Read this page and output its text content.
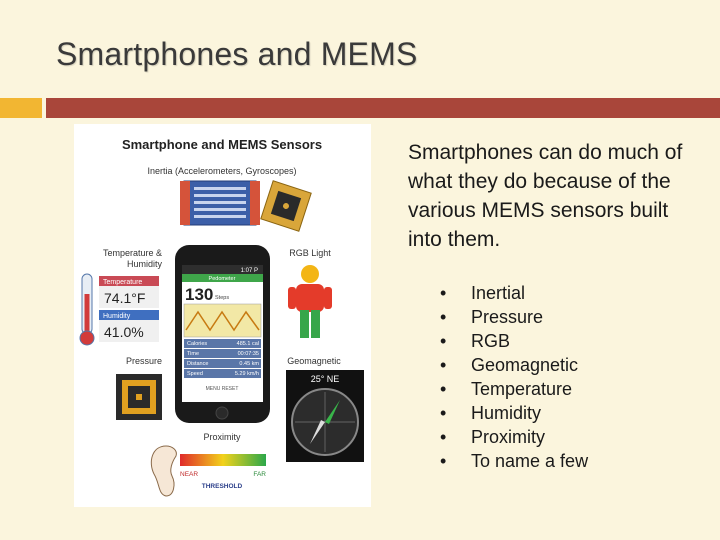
Smartphones and MEMS
Smartphone and MEMS Sensors
Inertia (Accelerometers, Gyroscopes)
Temperature &
Humidity
Temperature
74.1°F
Humidity
41.0%
1:07 P
Pedometer
130 Steps
Calories	485.1 cal
Time	00:07:35
Distance	0.45 km
Speed	5.29 km/h
MENU RESET
RGB Light
Pressure	Geomagnetic
25° NE
Proximity
NEAR	FAR
THRESHOLD
Smartphones can do much of what they do because of the various MEMS sensors built into them.
• Inertial
• Pressure
• RGB
• Geomagnetic
• Temperature
• Humidity
• Proximity
• To name a few
